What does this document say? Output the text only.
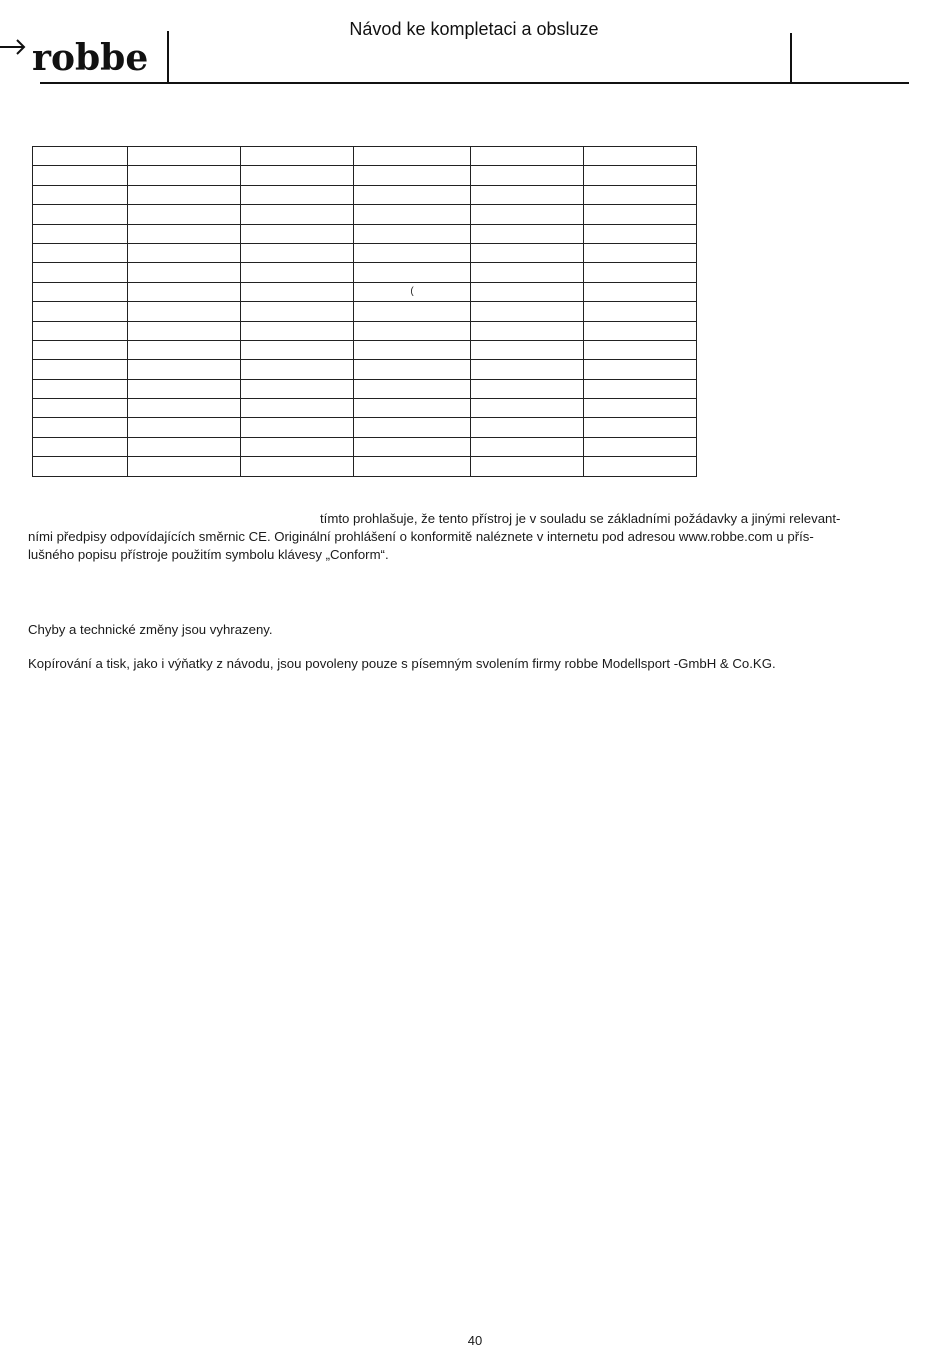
robbe
Návod ke kompletaci a obsluze

			(		

tímto prohlašuje, že tento přístroj je v souladu se základními požádavky a jinými relevant-
ními předpisy odpovídajících směrnic CE. Originální prohlášení o konformitě naléznete v internetu pod adresou www.robbe.com u přís-
lušného popisu přístroje použitím symbolu klávesy „Conform“.

Chyby a technické změny jsou vyhrazeny.

Kopírování a tisk, jako i výňatky z návodu, jsou povoleny pouze s písemným svolením firmy robbe Modellsport -GmbH & Co.KG.

40
